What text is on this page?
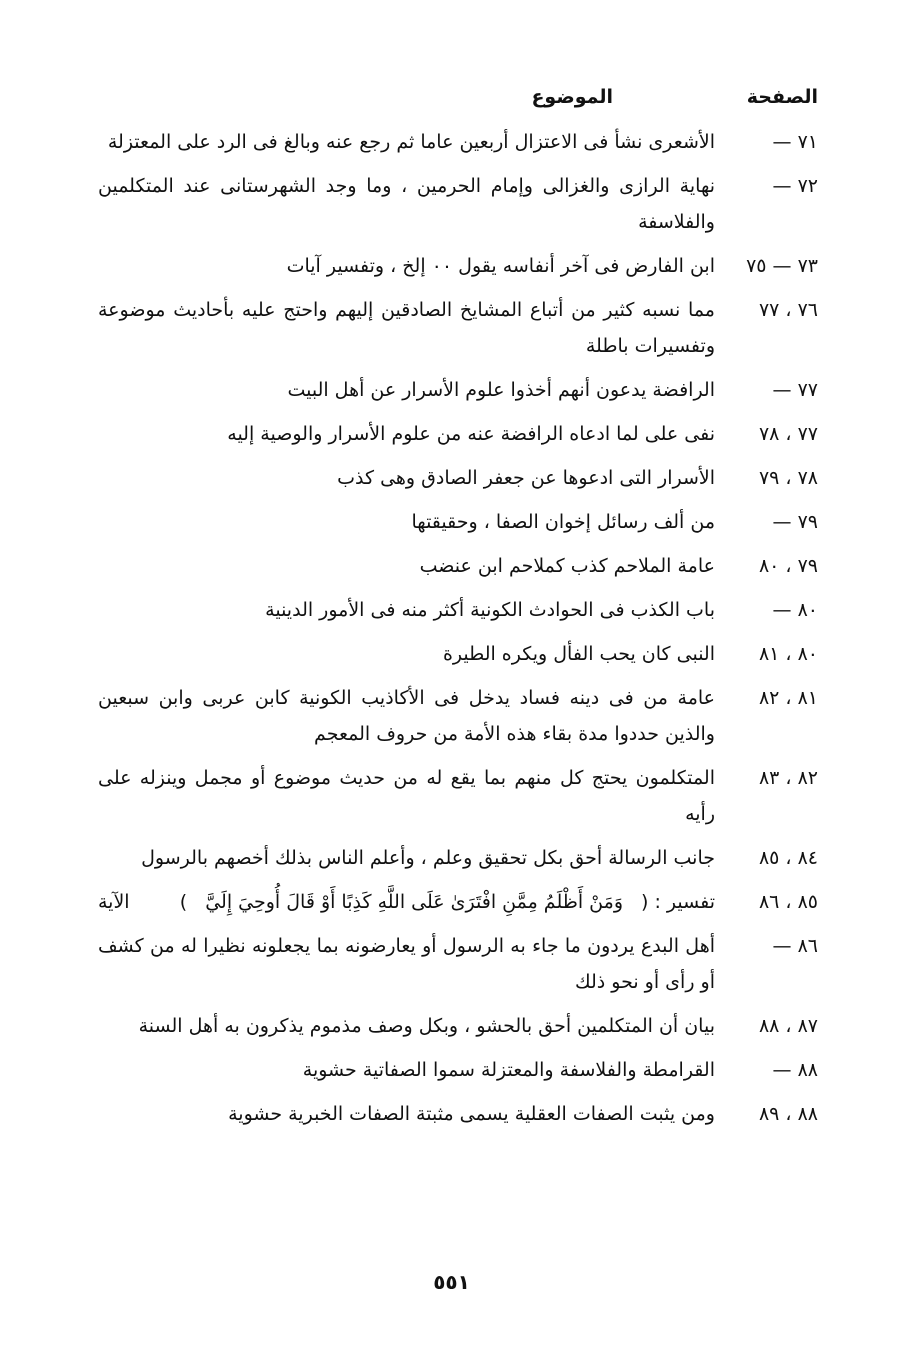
الصفحة
الموضوع
٧١ —
الأشعرى نشأ فى الاعتزال أربعين عاما ثم رجع عنه وبالغ فى الرد على المعتزلة
٧٢ —
نهاية الرازى والغزالى وإمام الحرمين ، وما وجد الشهرستانى عند المتكلمين والفلاسفة
٧٣ — ٧٥
ابن الفارض فى آخر أنفاسه يقول ٠٠ إلخ ، وتفسير آيات
٧٦ ، ٧٧
مما نسبه كثير من أتباع المشايخ الصادقين إليهم واحتج عليه بأحاديث موضوعة وتفسيرات باطلة
٧٧ —
الرافضة يدعون أنهم أخذوا علوم الأسرار عن أهل البيت
٧٧ ، ٧٨
نفى على لما ادعاه الرافضة عنه من علوم الأسرار والوصية إليه
٧٨ ، ٧٩
الأسرار التى ادعوها عن جعفر الصادق وهى كذب
٧٩ —
من ألف رسائل إخوان الصفا ، وحقيقتها
٧٩ ، ٨٠
عامة الملاحم كذب كملاحم ابن عنضب
٨٠ —
باب الكذب فى الحوادث الكونية أكثر منه فى الأمور الدينية
٨٠ ، ٨١
النبى كان يحب الفأل ويكره الطيرة
٨١ ، ٨٢
عامة من فى دينه فساد يدخل فى الأكاذيب الكونية كابن عربى وابن سبعين والذين حددوا مدة بقاء هذه الأمة من حروف المعجم
٨٢ ، ٨٣
المتكلمون يحتج كل منهم بما يقع له من حديث موضوع أو مجمل وينزله على رأيه
٨٤ ، ٨٥
جانب الرسالة أحق بكل تحقيق وعلم ، وأعلم الناس بذلك أخصهم بالرسول
٨٥ ، ٨٦
تفسير : ( وَمَنْ أَظْلَمُ مِمَّنِ افْتَرَىٰ عَلَى اللَّهِ كَذِبًا أَوْ قَالَ أُوحِيَ إِلَيَّ )
الآية
٨٦ —
أهل البدع يردون ما جاء به الرسول أو يعارضونه بما يجعلونه نظيرا له من كشف أو رأى أو نحو ذلك
٨٧ ، ٨٨
بيان أن المتكلمين أحق بالحشو ، وبكل وصف مذموم يذكرون به أهل السنة
٨٨ —
القرامطة والفلاسفة والمعتزلة سموا الصفاتية حشوية
٨٨ ، ٨٩
ومن يثبت الصفات العقلية يسمى مثبتة الصفات الخبرية حشوية
٥٥١
